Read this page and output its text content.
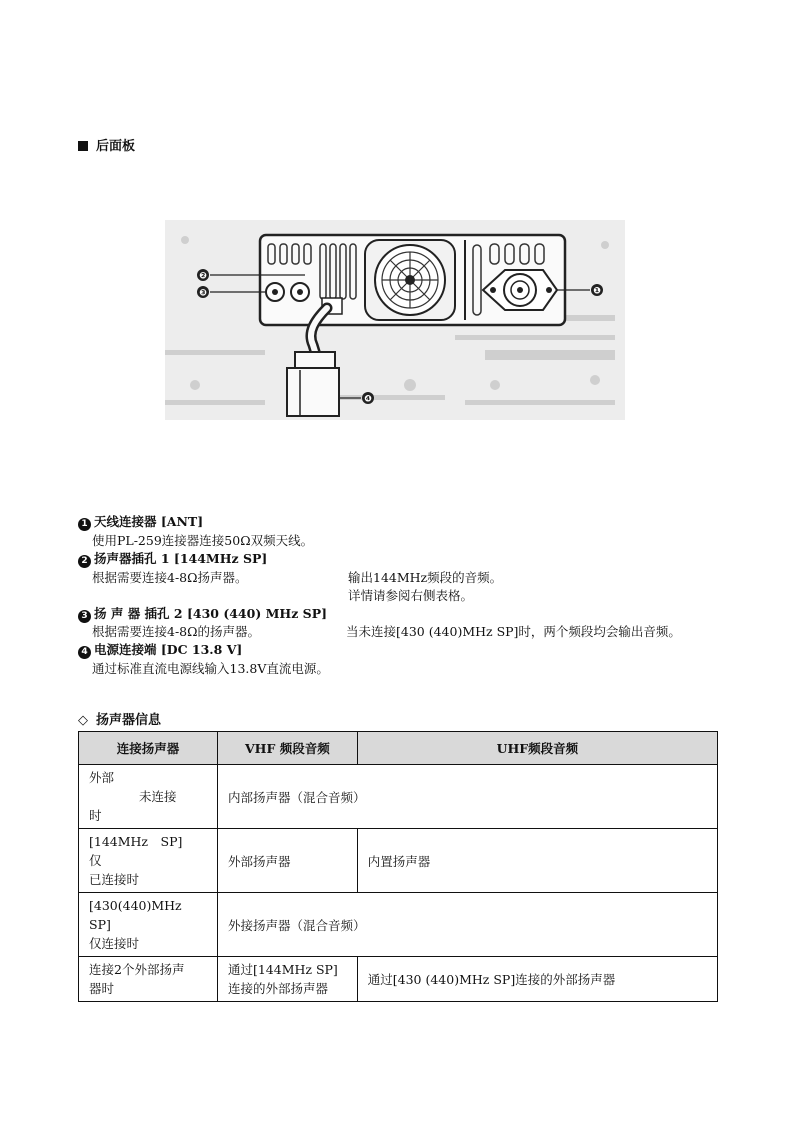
后面板
❷
❸	❶
❹
1 天线连接器 [ANT]
使用PL-259连接器连接50Ω双频天线。
2 扬声器插孔 1 [144MHz SP]
根据需要连接4-8Ω扬声器。	输出144MHz频段的音频。
详情请参阅右侧表格。
3 扬 声 器 插孔 2 [430 (440) MHz SP]
根据需要连接4-8Ω的扬声器。	当未连接[430 (440)MHz SP]时，两个频段均会输出音频。
4 电源连接端 [DC 13.8 V]
通过标准直流电源线输入13.8V直流电源。
◇ 扬声器信息
连接扬声器	VHF 频段音频	UHF频段音频
外部
　　　　未连接
时	内部扬声器（混合音频）	
[144MHz　SP]　仅
已连接时	外部扬声器	内置扬声器
[430(440)MHz　SP]
仅连接时	外接扬声器（混合音频）	
连接2个外部扬声
器时	通过[144MHz SP]
连接的外部扬声器	通过[430 (440)MHz SP]连接的外部扬声器
